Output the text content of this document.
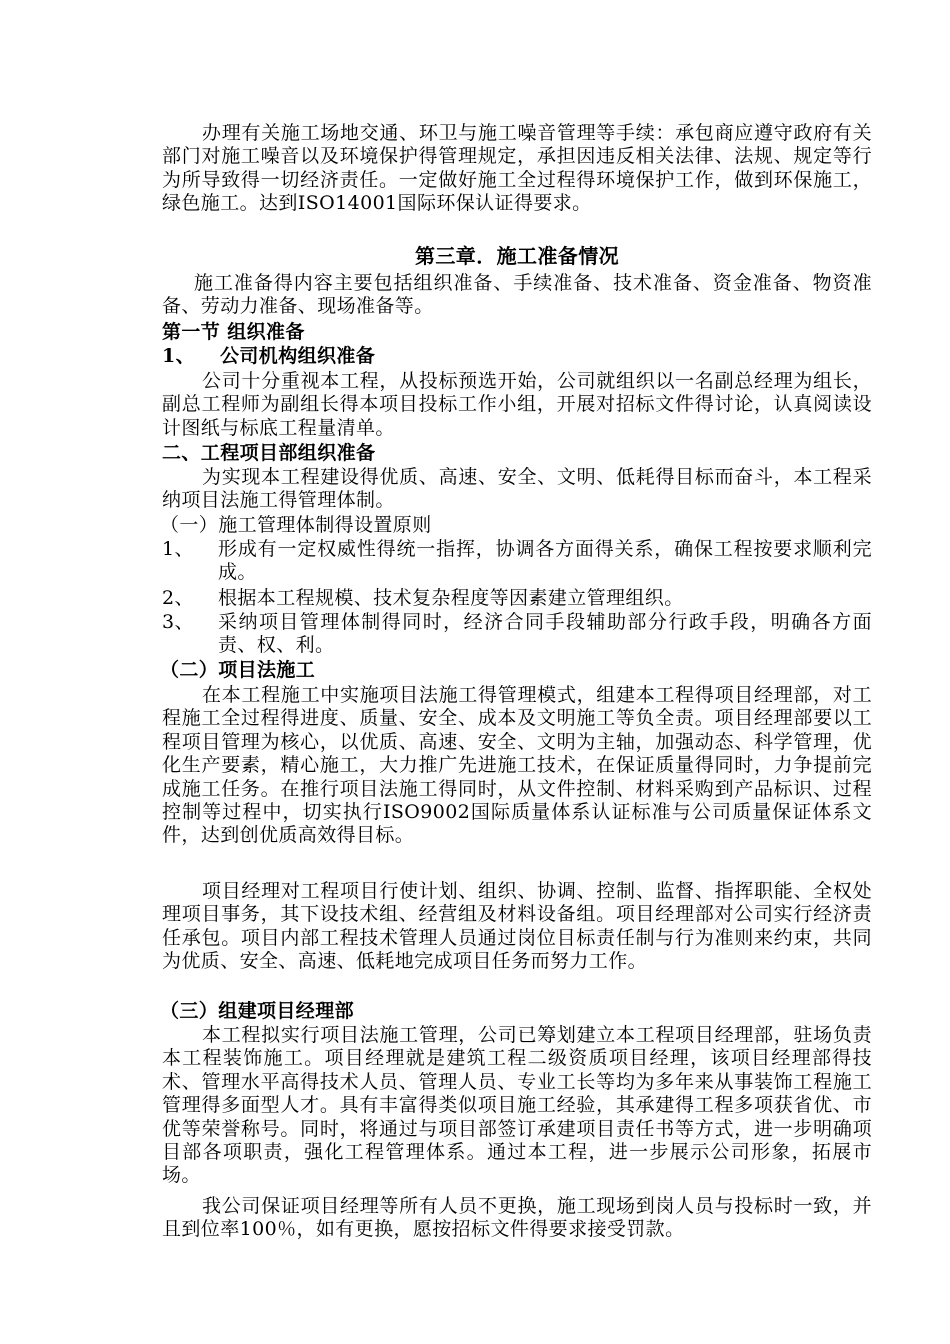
办理有关施工场地交通、环卫与施工噪音管理等手续：承包商应遵守政府有关部门对施工噪音以及环境保护得管理规定，承担因违反相关法律、法规、规定等行为所导致得一切经济责任。一定做好施工全过程得环境保护工作，做到环保施工，绿色施工。达到ISO14001国际环保认证得要求。
第三章．施工准备情况
施工准备得内容主要包括组织准备、手续准备、技术准备、资金准备、物资准备、劳动力准备、现场准备等。
第一节 组织准备
1、 公司机构组织准备
公司十分重视本工程，从投标预选开始，公司就组织以一名副总经理为组长，副总工程师为副组长得本项目投标工作小组，开展对招标文件得讨论，认真阅读设计图纸与标底工程量清单。
二、工程项目部组织准备
为实现本工程建设得优质、高速、安全、文明、低耗得目标而奋斗，本工程采纳项目法施工得管理体制。
（一）施工管理体制得设置原则
1、 形成有一定权威性得统一指挥，协调各方面得关系，确保工程按要求顺利完成。
2、 根据本工程规模、技术复杂程度等因素建立管理组织。
3、 采纳项目管理体制得同时，经济合同手段辅助部分行政手段，明确各方面责、权、利。
（二）项目法施工
在本工程施工中实施项目法施工得管理模式，组建本工程得项目经理部，对工程施工全过程得进度、质量、安全、成本及文明施工等负全责。项目经理部要以工程项目管理为核心，以优质、高速、安全、文明为主轴，加强动态、科学管理，优化生产要素，精心施工，大力推广先进施工技术，在保证质量得同时，力争提前完成施工任务。在推行项目法施工得同时，从文件控制、材料采购到产品标识、过程控制等过程中，切实执行ISO9002国际质量体系认证标准与公司质量保证体系文件，达到创优质高效得目标。
项目经理对工程项目行使计划、组织、协调、控制、监督、指挥职能、全权处理项目事务，其下设技术组、经营组及材料设备组。项目经理部对公司实行经济责任承包。项目内部工程技术管理人员通过岗位目标责任制与行为准则来约束，共同为优质、安全、高速、低耗地完成项目任务而努力工作。
（三）组建项目经理部
本工程拟实行项目法施工管理，公司已筹划建立本工程项目经理部，驻场负责本工程装饰施工。项目经理就是建筑工程二级资质项目经理，该项目经理部得技术、管理水平高得技术人员、管理人员、专业工长等均为多年来从事装饰工程施工管理得多面型人才。具有丰富得类似项目施工经验，其承建得工程多项获省优、市优等荣誉称号。同时，将通过与项目部签订承建项目责任书等方式，进一步明确项目部各项职责，强化工程管理体系。通过本工程，进一步展示公司形象，拓展市场。
我公司保证项目经理等所有人员不更换，施工现场到岗人员与投标时一致，并且到位率100％，如有更换，愿按招标文件得要求接受罚款。
